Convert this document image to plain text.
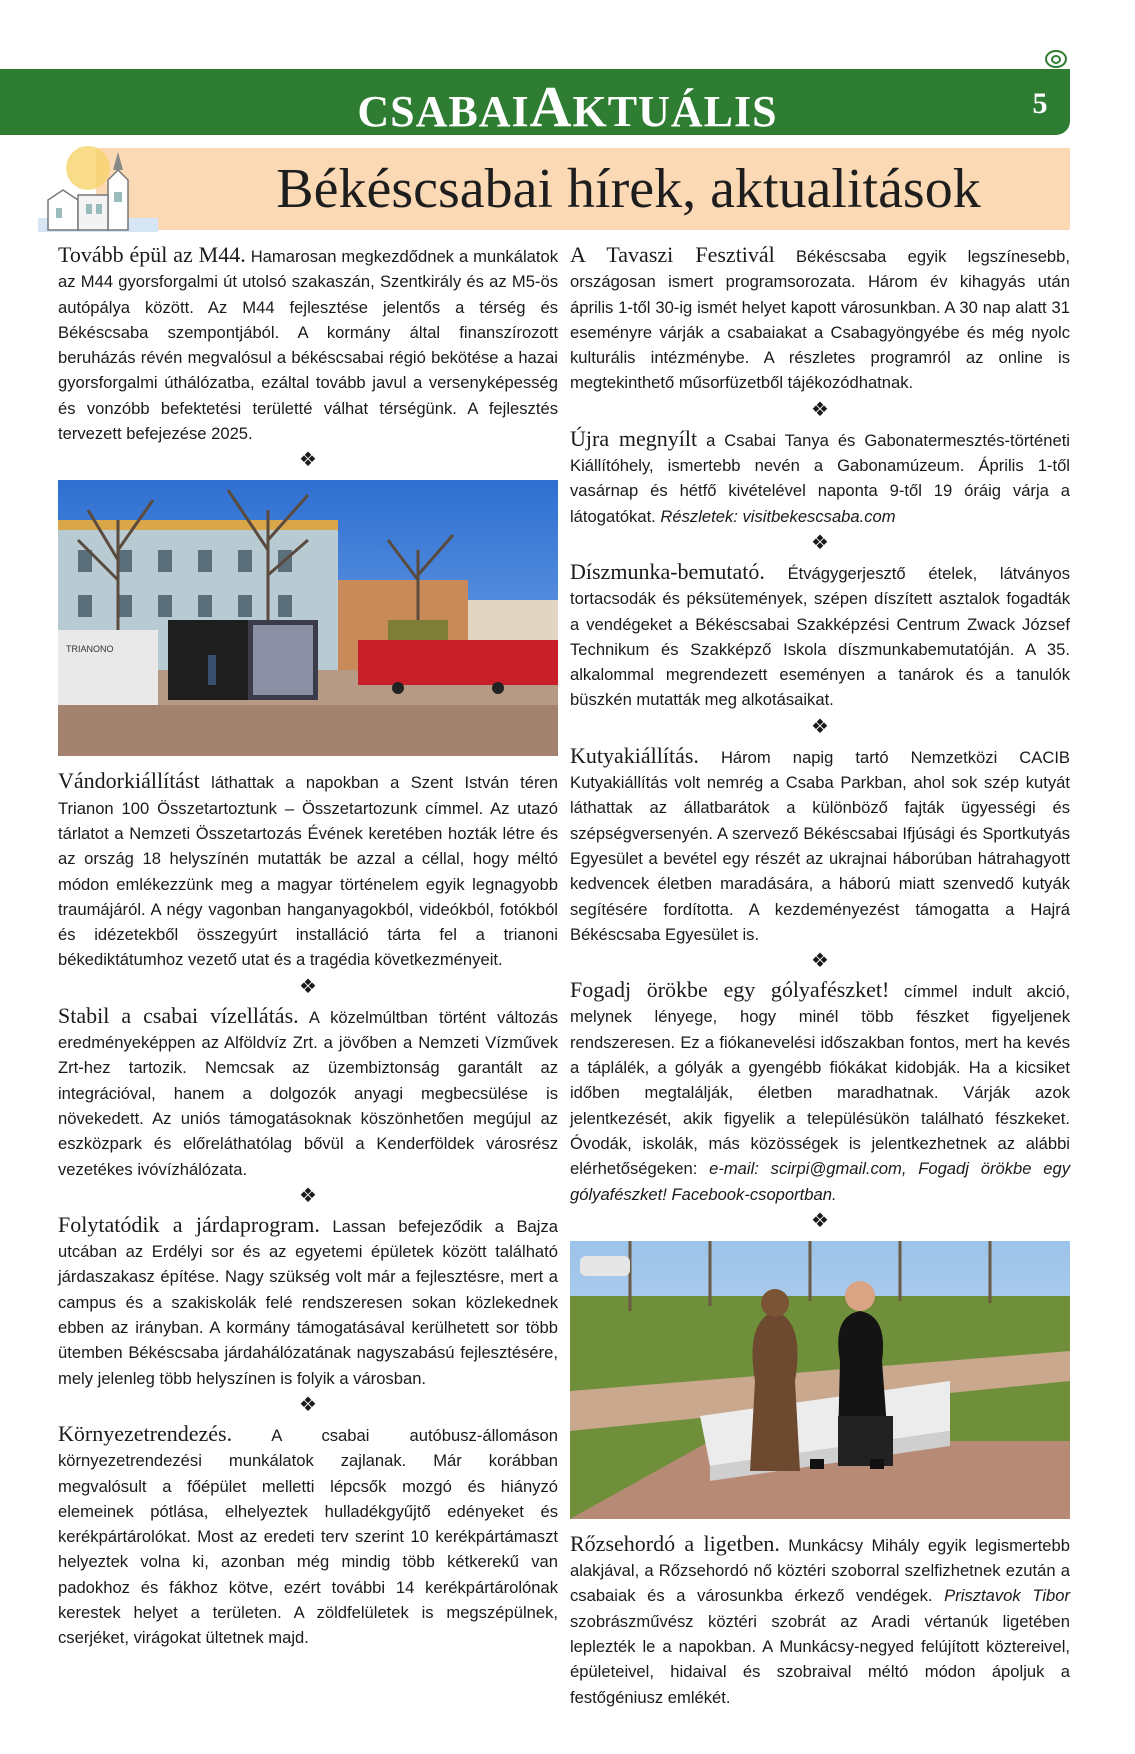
CSABAIAKTUÁLIS	5
Békéscsabai hírek, aktualitások

Tovább épül az M44. Hamarosan megkezdődnek a munkálatok az M44 gyorsforgalmi út utolsó szakaszán, Szentkirály és az M5-ös autópálya között. Az M44 fejlesztése jelentős a térség és Békéscsaba szempontjából. A kormány által finanszírozott beruházás révén megvalósul a békéscsabai régió bekötése a hazai gyorsforgalmi úthálózatba, ezáltal tovább javul a versenyképesség és vonzóbb befektetési területté válhat térségünk. A fejlesztés tervezett befejezése 2025.

❖
TRIANONO

Vándorkiállítást láthattak a napokban a Szent István téren Trianon 100 Összetartoztunk – Összetartozunk címmel. Az utazó tárlatot a Nemzeti Összetartozás Évének keretében hozták létre és az ország 18 helyszínén mutatták be azzal a céllal, hogy méltó módon emlékezzünk meg a magyar történelem egyik legnagyobb traumájáról. A négy vagonban hanganyagokból, videókból, fotókból és idézetekből összegyúrt installáció tárta fel a trianoni békediktátumhoz vezető utat és a tragédia következményeit.

❖

Stabil a csabai vízellátás. A közelmúltban történt változás eredményeképpen az Alföldvíz Zrt. a jövőben a Nemzeti Vízművek Zrt-hez tartozik. Nemcsak az üzembiztonság garantált az integrációval, hanem a dolgozók anyagi megbecsülése is növekedett. Az uniós támogatásoknak köszönhetően megújul az eszközpark és előreláthatólag bővül a Kenderföldek városrész vezetékes ivóvízhálózata.

❖

Folytatódik a járdaprogram. Lassan befejeződik a Bajza utcában az Erdélyi sor és az egyetemi épületek között található járdaszakasz építése. Nagy szükség volt már a fejlesztésre, mert a campus és a szakiskolák felé rendszeresen sokan közlekednek ebben az irányban. A kormány támogatásával kerülhetett sor több ütemben Békéscsaba járdahálózatának nagyszabású fejlesztésére, mely jelenleg több helyszínen is folyik a városban.

❖

Környezetrendezés. A csabai autóbusz-állomáson környezetrendezési munkálatok zajlanak. Már korábban megvalósult a főépület melletti lépcsők mozgó és hiányzó elemeinek pótlása, elhelyeztek hulladékgyűjtő edényeket és kerékpártárolókat. Most az eredeti terv szerint 10 kerékpártámaszt helyeztek volna ki, azonban még mindig több kétkerekű van padokhoz és fákhoz kötve, ezért további 14 kerékpártárolónak kerestek helyet a területen. A zöldfelületek is megszépülnek, cserjéket, virágokat ültetnek majd.

A Tavaszi Fesztivál Békéscsaba egyik legszínesebb, országosan ismert programsorozata. Három év kihagyás után április 1-től 30-ig ismét helyet kapott városunkban. A 30 nap alatt 31 eseményre várják a csabaiakat a Csabagyöngyébe és még nyolc kulturális intézménybe. A részletes programról az online is megtekinthető műsorfüzetből tájékozódhatnak.

❖

Újra megnyílt a Csabai Tanya és Gabonatermesztés-történeti Kiállítóhely, ismertebb nevén a Gabonamúzeum. Április 1-től vasárnap és hétfő kivételével naponta 9-től 19 óráig várja a látogatókat. Részletek: visitbekescsaba.com

❖

Díszmunka-bemutató. Étvágygerjesztő ételek, látványos tortacsodák és péksütemények, szépen díszített asztalok fogadták a vendégeket a Békéscsabai Szakképzési Centrum Zwack József Technikum és Szakképző Iskola díszmunkabemutatóján. A 35. alkalommal megrendezett eseményen a tanárok és a tanulók büszkén mutatták meg alkotásaikat.

❖

Kutyakiállítás. Három napig tartó Nemzetközi CACIB Kutyakiállítás volt nemrég a Csaba Parkban, ahol sok szép kutyát láthattak az állatbarátok a különböző fajták ügyességi és szépségversenyén. A szervező Békéscsabai Ifjúsági és Sportkutyás Egyesület a bevétel egy részét az ukrajnai háborúban hátrahagyott kedvencek életben maradására, a háború miatt szenvedő kutyák segítésére fordította. A kezdeményezést támogatta a Hajrá Békéscsaba Egyesület is.

❖

Fogadj örökbe egy gólyafészket! címmel indult akció, melynek lényege, hogy minél több fészket figyeljenek rendszeresen. Ez a fiókanevelési időszakban fontos, mert ha kevés a táplálék, a gólyák a gyengébb fiókákat kidobják. Ha a kicsiket időben megtalálják, életben maradhatnak. Várják azok jelentkezését, akik figyelik a településükön található fészkeket. Óvodák, iskolák, más közösségek is jelentkezhetnek az alábbi elérhetőségeken: e-mail: scirpi@gmail.com, Fogadj örökbe egy gólyafészket! Facebook-csoportban.

❖

Rőzsehordó a ligetben. Munkácsy Mihály egyik legismertebb alakjával, a Rőzsehordó nő köztéri szoborral szelfizhetnek ezután a csabaiak és a városunkba érkező vendégek. Prisztavok Tibor szobrászművész köztéri szobrát az Aradi vértanúk ligetében leplezték le a napokban. A Munkácsy-negyed felújított köztereivel, épületeivel, hidaival és szobraival méltó módon ápoljuk a festőgéniusz emlékét.
